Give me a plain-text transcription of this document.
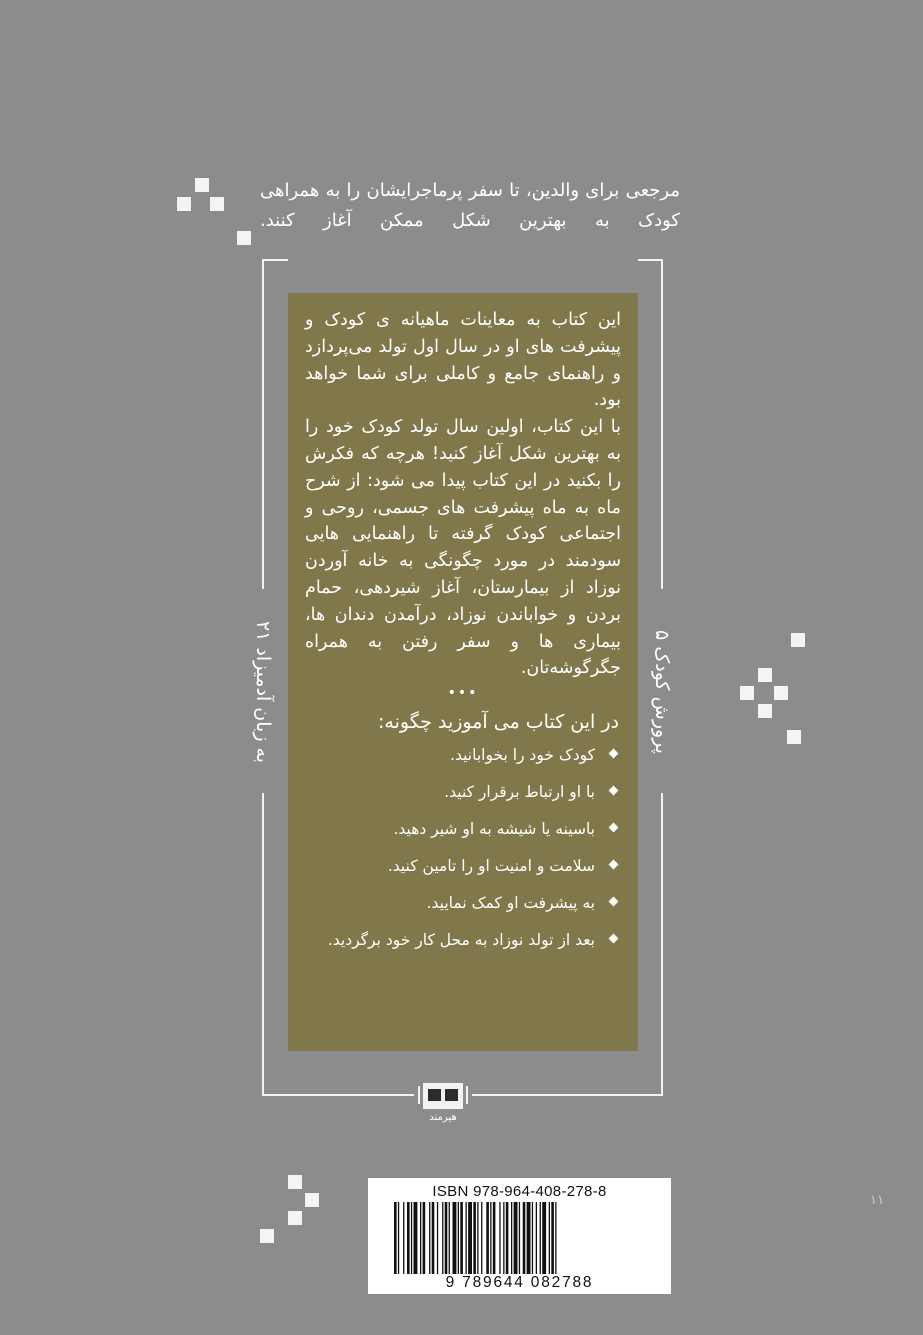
مرجعی برای والدین، تا سفر پرماجرایشان را به همراهی کودک به بهترین شکل ممکن آغاز کنند.
به زبان آدمیزاد ۲۱
پرورش کودک ۵

این کتاب به معاینات ماهیانه ی کودک و پیشرفت های او در سال اول تولد می‌پردازد و راهنمای جامع و کاملی برای شما خواهد بود.

با این کتاب، اولین سال تولد کودک خود را به بهترین شکل آغاز کنید! هرچه که فکرش را بکنید در این کتاب پیدا می شود: از شرح ماه به ماه پیشرفت های جسمی، روحی و اجتماعی کودک گرفته تا راهنمایی هایی سودمند در مورد چگونگی به خانه آوردن نوزاد از بیمارستان، آغاز شیردهی، حمام بردن و خواباندن نوزاد، درآمدن دندان ها، بیماری ها و سفر رفتن به همراه جگرگوشه‌تان.

•••
در این کتاب می آموزید چگونه:
کودک خود را بخوابانید.
با او ارتباط برقرار کنید.
باسینه یا شیشه به او شیر دهید.
سلامت و امنیت او را تامین کنید.
به پیشرفت او کمک نمایید.
بعد از تولد نوزاد به محل کار خود برگردید.
هیرمند
۱۱
ISBN 978-964-408-278-8
9 789644 082788
